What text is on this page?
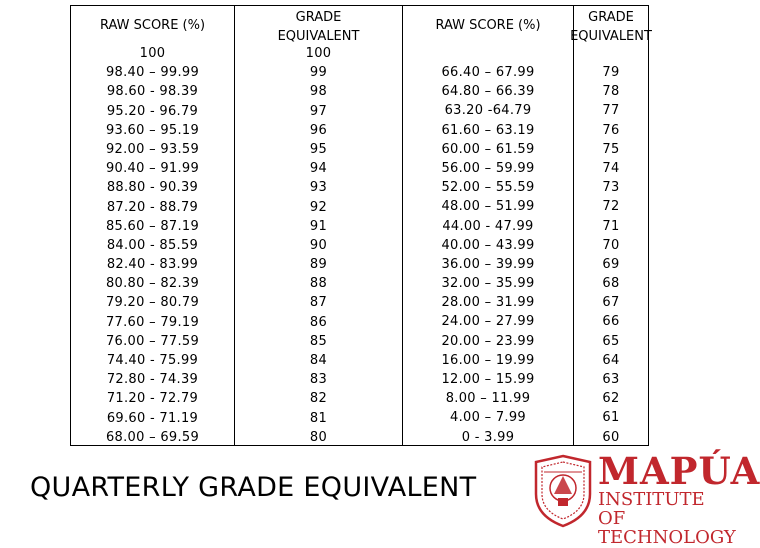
RAW SCORE (%)
100
98.40 – 99.99
98.60 - 98.39
95.20 - 96.79
93.60 – 95.19
92.00 – 93.59
90.40 – 91.99
88.80 - 90.39
87.20 - 88.79
85.60 – 87.19
84.00 - 85.59
82.40 - 83.99
80.80 – 82.39
79.20 – 80.79
77.60 – 79.19
76.00 – 77.59
74.40 - 75.99
72.80 - 74.39
71.20 - 72.79
69.60 - 71.19
68.00 – 69.59
GRADE
EQUIVALENT
100
99
98
97
96
95
94
93
92
91
90
89
88
87
86
85
84
83
82
81
80
RAW SCORE (%)
66.40 – 67.99
64.80 – 66.39
63.20 -64.79
61.60 – 63.19
60.00 – 61.59
56.00 – 59.99
52.00 – 55.59
48.00 – 51.99
44.00 - 47.99
40.00 – 43.99
36.00 – 39.99
32.00 – 35.99
28.00 – 31.99
24.00 – 27.99
20.00 – 23.99
16.00 – 19.99
12.00 – 15.99
8.00 – 11.99
4.00 – 7.99
0 - 3.99
GRADE
EQUIVALENT
79
78
77
76
75
74
73
72
71
70
69
68
67
66
65
64
63
62
61
60
QUARTERLY GRADE EQUIVALENT	MAPÚA
INSTITUTE OF
TECHNOLOGY
